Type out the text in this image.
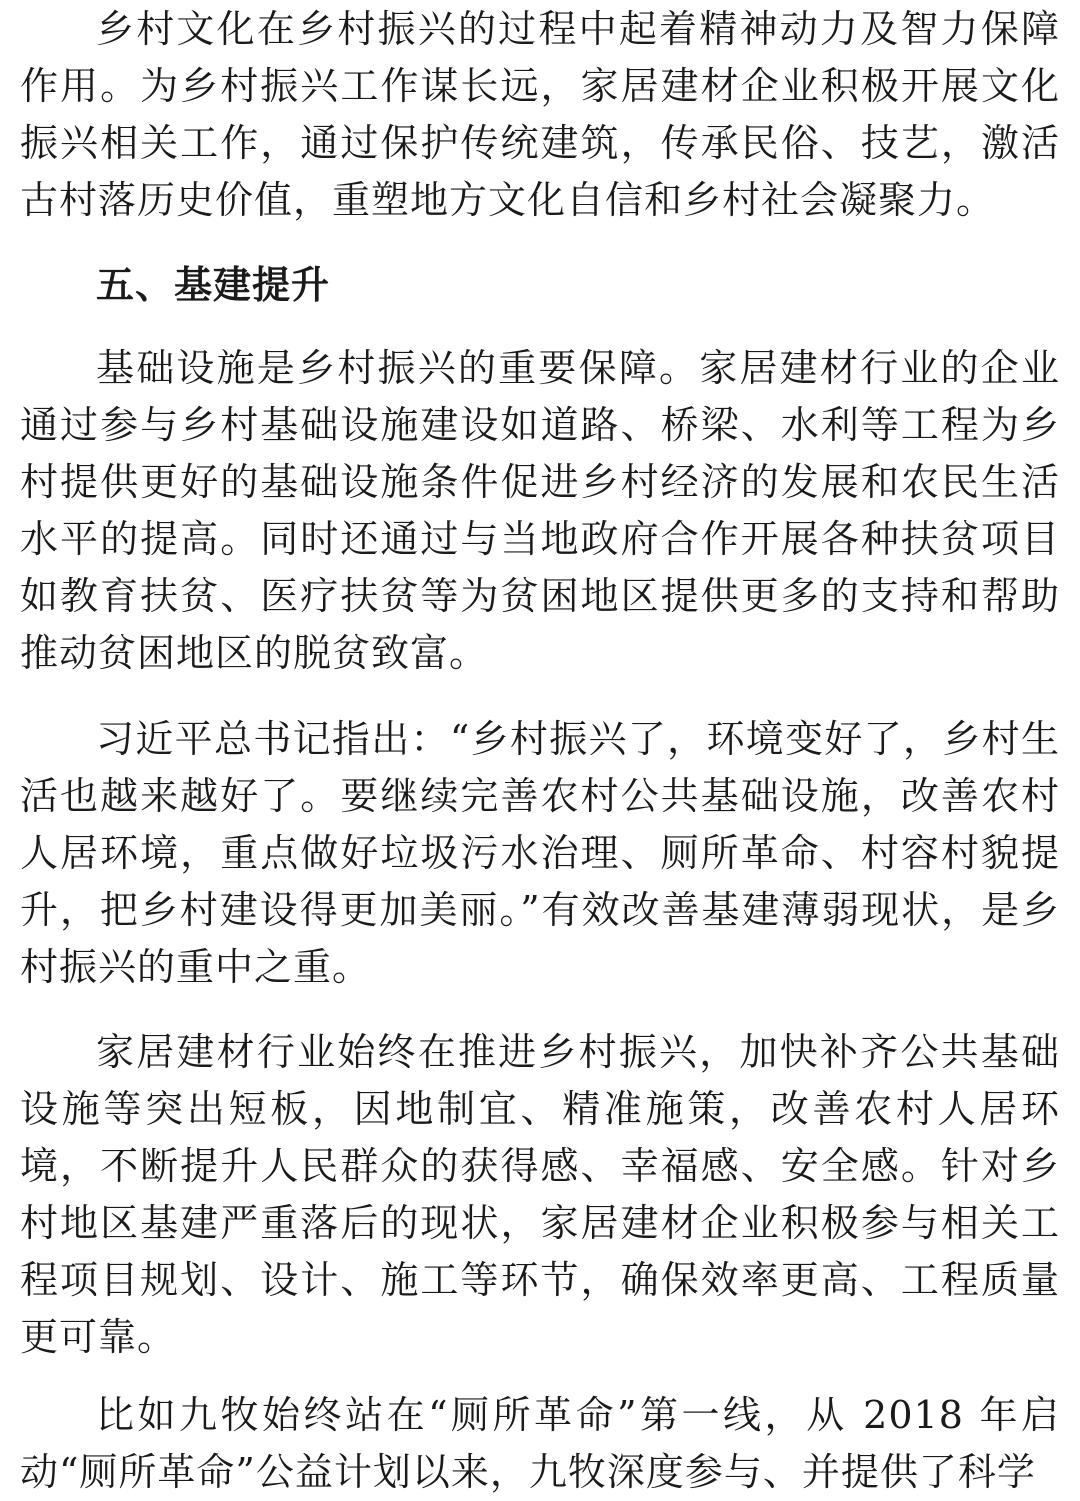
乡村文化在乡村振兴的过程中起着精神动力及智力保障作用。为乡村振兴工作谋长远，家居建材企业积极开展文化振兴相关工作，通过保护传统建筑，传承民俗、技艺，激活古村落历史价值，重塑地方文化自信和乡村社会凝聚力。

五、基建提升

基础设施是乡村振兴的重要保障。家居建材行业的企业通过参与乡村基础设施建设如道路、桥梁、水利等工程为乡村提供更好的基础设施条件促进乡村经济的发展和农民生活水平的提高。同时还通过与当地政府合作开展各种扶贫项目如教育扶贫、医疗扶贫等为贫困地区提供更多的支持和帮助推动贫困地区的脱贫致富。

习近平总书记指出：“乡村振兴了，环境变好了，乡村生活也越来越好了。要继续完善农村公共基础设施，改善农村人居环境，重点做好垃圾污水治理、厕所革命、村容村貌提升，把乡村建设得更加美丽。”有效改善基建薄弱现状，是乡村振兴的重中之重。

家居建材行业始终在推进乡村振兴，加快补齐公共基础设施等突出短板，因地制宜、精准施策，改善农村人居环境，不断提升人民群众的获得感、幸福感、安全感。针对乡村地区基建严重落后的现状，家居建材企业积极参与相关工程项目规划、设计、施工等环节，确保效率更高、工程质量更可靠。

比如九牧始终站在“厕所革命”第一线，从 2018 年启动“厕所革命”公益计划以来，九牧深度参与、并提供了科学
